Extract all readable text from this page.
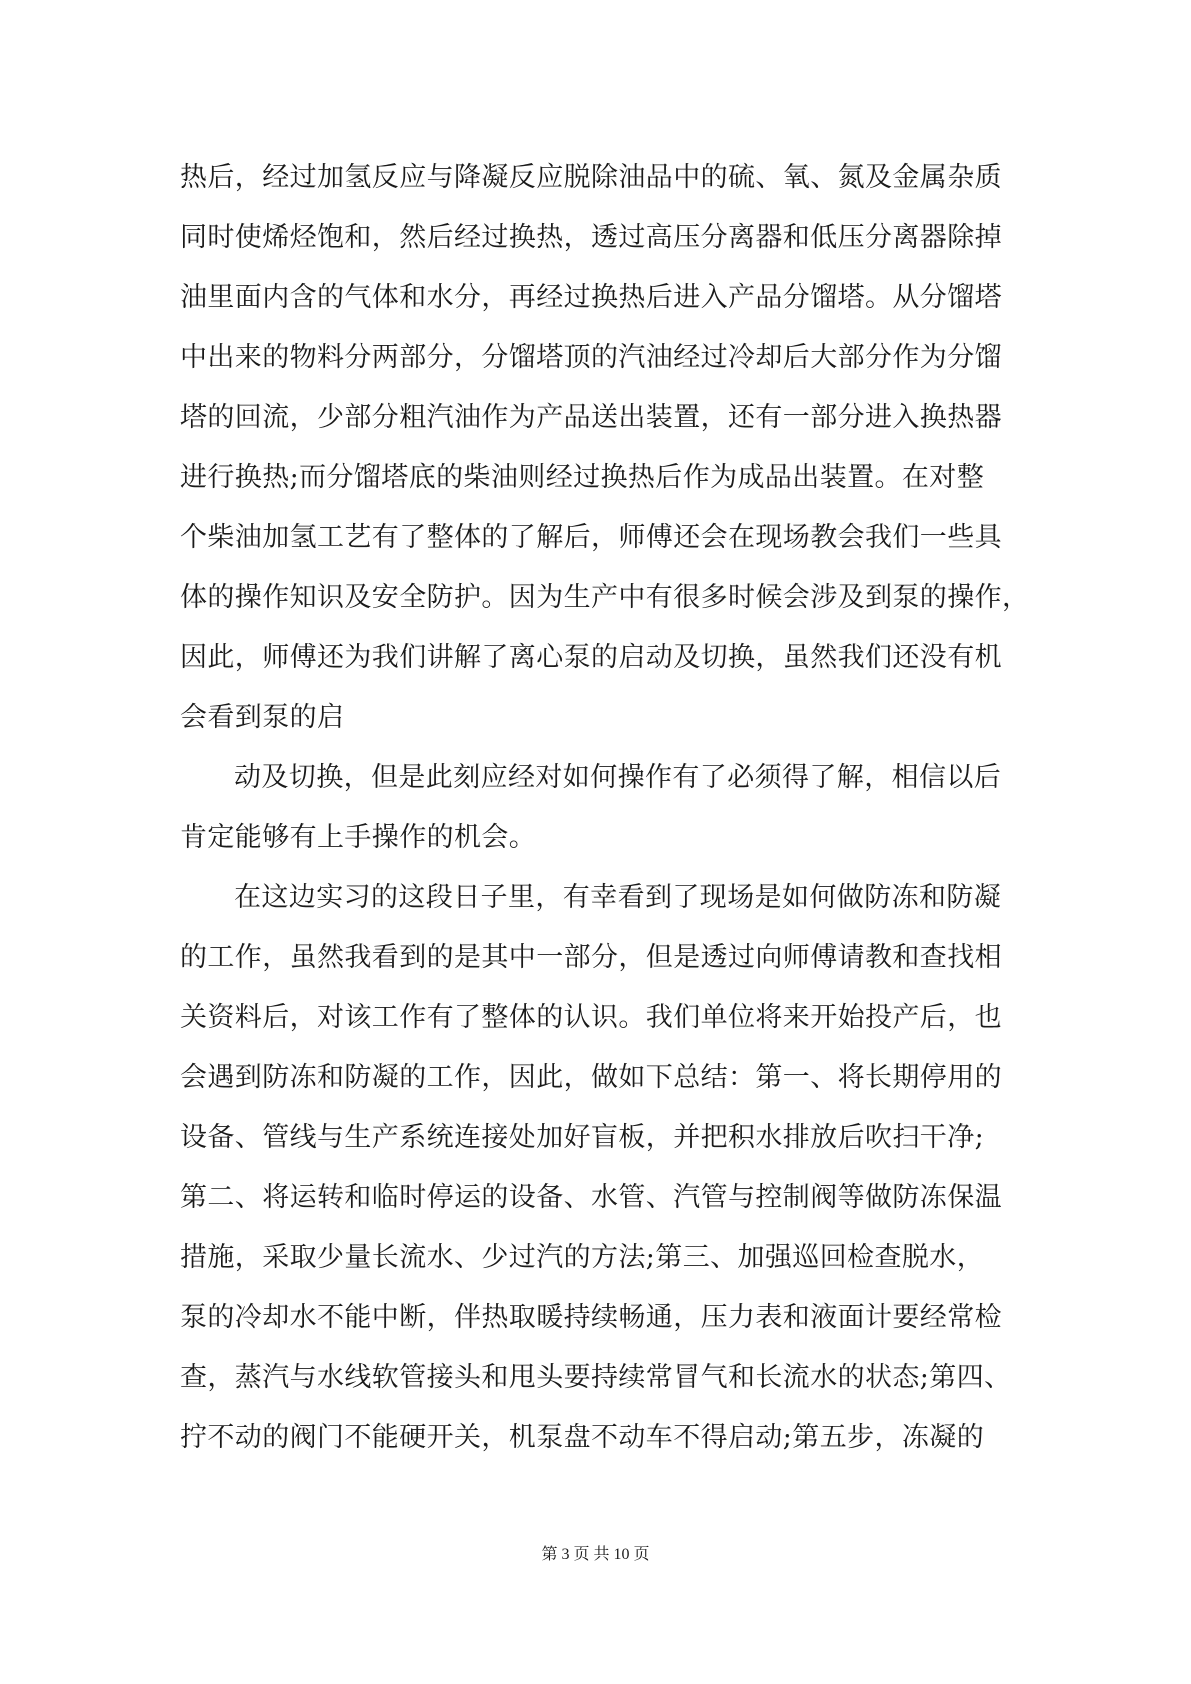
热后，经过加氢反应与降凝反应脱除油品中的硫、氧、氮及金属杂质
同时使烯烃饱和，然后经过换热，透过高压分离器和低压分离器除掉
油里面内含的气体和水分，再经过换热后进入产品分馏塔。从分馏塔
中出来的物料分两部分，分馏塔顶的汽油经过冷却后大部分作为分馏
塔的回流，少部分粗汽油作为产品送出装置，还有一部分进入换热器
进行换热;而分馏塔底的柴油则经过换热后作为成品出装置。在对整
个柴油加氢工艺有了整体的了解后，师傅还会在现场教会我们一些具
体的操作知识及安全防护。因为生产中有很多时候会涉及到泵的操作，
因此，师傅还为我们讲解了离心泵的启动及切换，虽然我们还没有机
会看到泵的启
动及切换，但是此刻应经对如何操作有了必须得了解，相信以后
肯定能够有上手操作的机会。
在这边实习的这段日子里，有幸看到了现场是如何做防冻和防凝
的工作，虽然我看到的是其中一部分，但是透过向师傅请教和查找相
关资料后，对该工作有了整体的认识。我们单位将来开始投产后，也
会遇到防冻和防凝的工作，因此，做如下总结：第一、将长期停用的
设备、管线与生产系统连接处加好盲板，并把积水排放后吹扫干净;
第二、将运转和临时停运的设备、水管、汽管与控制阀等做防冻保温
措施，采取少量长流水、少过汽的方法;第三、加强巡回检查脱水，
泵的冷却水不能中断，伴热取暖持续畅通，压力表和液面计要经常检
查，蒸汽与水线软管接头和甩头要持续常冒气和长流水的状态;第四、
拧不动的阀门不能硬开关，机泵盘不动车不得启动;第五步，冻凝的
第 3 页 共 10 页
